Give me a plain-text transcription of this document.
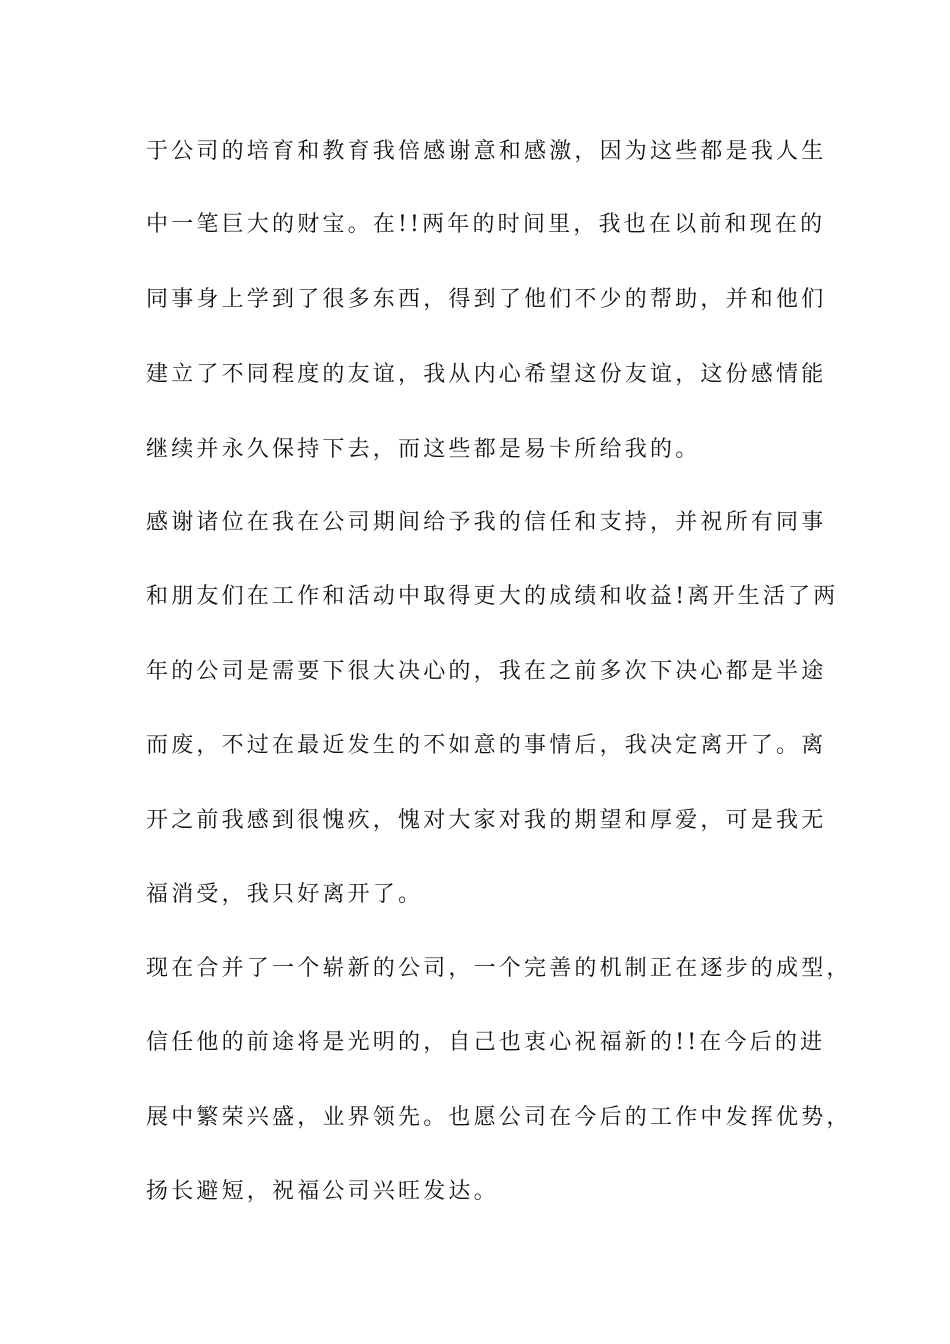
于公司的培育和教育我倍感谢意和感激，因为这些都是我人生
中一笔巨大的财宝。在!!两年的时间里，我也在以前和现在的
同事身上学到了很多东西，得到了他们不少的帮助，并和他们
建立了不同程度的友谊，我从内心希望这份友谊，这份感情能
继续并永久保持下去，而这些都是易卡所给我的。
感谢诸位在我在公司期间给予我的信任和支持，并祝所有同事
和朋友们在工作和活动中取得更大的成绩和收益!离开生活了两
年的公司是需要下很大决心的，我在之前多次下决心都是半途
而废，不过在最近发生的不如意的事情后，我决定离开了。离
开之前我感到很愧疚，愧对大家对我的期望和厚爱，可是我无
福消受，我只好离开了。
现在合并了一个崭新的公司，一个完善的机制正在逐步的成型，
信任他的前途将是光明的，自己也衷心祝福新的!!在今后的进
展中繁荣兴盛，业界领先。也愿公司在今后的工作中发挥优势，
扬长避短，祝福公司兴旺发达。
